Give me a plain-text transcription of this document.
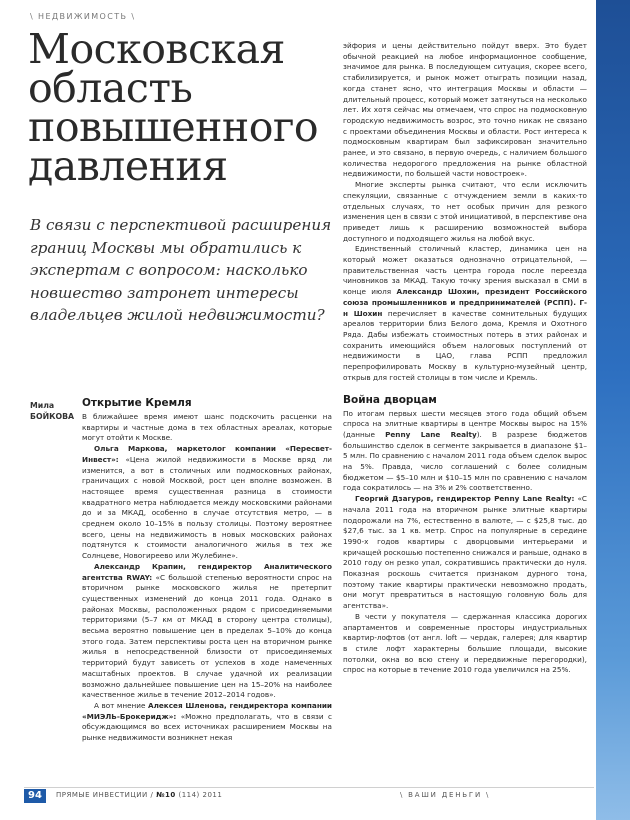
\ НЕДВИЖИМОСТЬ \
Московская область повышенного давления

В связи с перспективой расширения границ Москвы мы обратились к экспертам с вопросом: насколько новшество затронет интересы владельцев жилой недвижимости?

Мила
БОЙКОВА
Открытие Кремля

В ближайшее время имеют шанс подскочить расценки на квартиры и частные дома в тех областных ареалах, которые могут отойти к Москве.

Ольга Маркова, маркетолог компании «Пересвет-Инвест»: «Цена жилой недвижимости в Москве вряд ли изменится, а вот в столичных или подмосковных районах, граничащих с новой Москвой, рост цен вполне возможен. В настоящее время существенная разница в стоимости квадратного метра наблюдается между московскими районами до и за МКАД, особенно в случае отсутствия метро, — в среднем около 10–15% в пользу столицы. Поэтому вероятнее всего, цены на недвижимость в новых московских районах подтянутся к стоимости аналогичного жилья в тех же Солнцеве, Новогиреево или Жулебине».

Александр Крапин, гендиректор Аналитического агентства RWAY: «С большой степенью вероятности спрос на вторичном рынке московского жилья не претерпит существенных изменений до конца 2011 года. Однако в районах Москвы, расположенных рядом с присоединяемыми территориями (5–7 км от МКАД в сторону центра столицы), весьма вероятно повышение цен в пределах 5–10% до конца этого года. Затем перспективы роста цен на вторичном рынке жилья в непосредственной близости от присоединяемых территорий будут зависеть от успехов в ходе намеченных масштабных проектов. В случае удачной их реализации возможно дальнейшее повышение цен на 15–20% на наиболее качественное жилье в течение 2012–2014 годов».

А вот мнение Алексея Шленова, гендиректора компании «МИЭЛЬ-Брокеридж»: «Можно предполагать, что в связи с обсуждающимся во всех источниках расширением Москвы на рынке недвижимости возникнет некая

эйфория и цены действительно пойдут вверх. Это будет обычной реакцией на любое информационное сообщение, значимое для рынка. В последующем ситуация, скорее всего, стабилизируется, и рынок может отыграть позиции назад, когда станет ясно, что интеграция Москвы и области — длительный процесс, который может затянуться на несколько лет. Их хотя сейчас мы отмечаем, что спрос на подмосковную городскую недвижимость возрос, это точно никак не связано с проектами объединения Москвы и области. Рост интереса к подмосковным квартирам был зафиксирован значительно ранее, и это связано, в первую очередь, с наличием большого количества недорогого предложения на рынке областной недвижимости, по большей части новостроек».

Многие эксперты рынка считают, что если исключить спекуляции, связанные с отчуждением земли в каких-то отдельных случаях, то нет особых причин для резкого изменения цен в связи с этой инициативой, в перспективе она приведет лишь к расширению возможностей выбора доступного и подходящего жилья на любой вкус.

Единственный столичный кластер, динамика цен на который может оказаться однозначно отрицательной, — правительственная часть центра города после переезда чиновников за МКАД. Такую точку зрения высказал в СМИ в конце июля Александр Шохин, президент Российского союза промышленников и предпринимателей (РСПП). Г-н Шохин перечисляет в качестве сомнительных будущих ареалов территории близ Белого дома, Кремля и Охотного Ряда. Дабы избежать стоимостных потерь в этих районах и сохранить имеющийся объем налоговых поступлений от недвижимости в ЦАО, глава РСПП предложил перепрофилировать Москву в культурно-музейный центр, открыв для гостей столицы в том числе и Кремль.

Война дворцам

По итогам первых шести месяцев этого года общий объем спроса на элитные квартиры в центре Москвы вырос на 15% (данные Penny Lane Realty). В разрезе бюджетов большинство сделок в сегменте закрывается в диапазоне $1–5 млн. По сравнению с началом 2011 года объем сделок вырос на 5%. Правда, число соглашений с более солидным бюджетом — $5–10 млн и $10–15 млн по сравнению с началом года сократилось — на 3% и 2% соответственно.

Георгий Дзагуров, гендиректор Penny Lane Realty: «С начала 2011 года на вторичном рынке элитные квартиры подорожали на 7%, естественно в валюте, — с $25,8 тыс. до $27,6 тыс. за 1 кв. метр. Спрос на популярные в середине 1990-х годов квартиры с дворцовыми интерьерами и кричащей роскошью постепенно снижался и раньше, однако в 2010 году он резко упал, сократившись практически до нуля. Показная роскошь считается признаком дурного тона, поэтому такие квартиры практически невозможно продать, они могут превратиться в настоящую головную боль для агентства».

В чести у покупателя — сдержанная классика дорогих апартаментов и современные просторы индустриальных квартир-лофтов (от англ. loft — чердак, галерея; для квартир в стиле лофт характерны большие площади, высокие потолки, окна во всю стену и передвижные перегородки), спрос на которые в течение 2010 года увеличился на 25%.

94	ПРЯМЫЕ ИНВЕСТИЦИИ / №10 (114) 2011	\ ВАШИ ДЕНЬГИ \
